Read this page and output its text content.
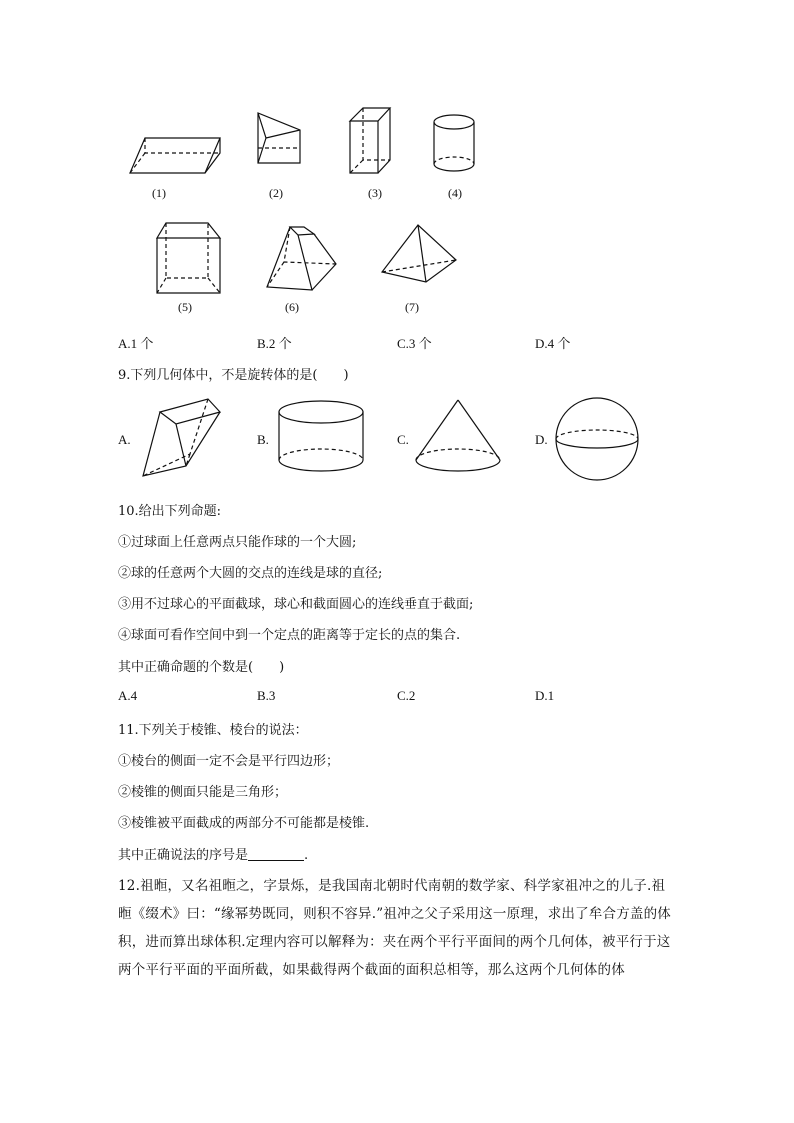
(1)	(2)	(3)	(4)
(5)	(6)	(7)
A.1 个	B.2 个	C.3 个	D.4 个
9.下列几何体中，不是旋转体的是(　　)
A.	B.	C.	D.
10.给出下列命题:
①过球面上任意两点只能作球的一个大圆;
②球的任意两个大圆的交点的连线是球的直径;
③用不过球心的平面截球，球心和截面圆心的连线垂直于截面;
④球面可看作空间中到一个定点的距离等于定长的点的集合.
其中正确命题的个数是(　　)
A.4	B.3	C.2	D.1
11.下列关于棱锥、棱台的说法：
①棱台的侧面一定不会是平行四边形；
②棱锥的侧面只能是三角形；
③棱锥被平面截成的两部分不可能都是棱锥.
其中正确说法的序号是	.
12.祖暅，又名祖暅之，字景烁，是我国南北朝时代南朝的数学家、科学家祖冲之的儿子.祖暅《缀术》曰：“缘幂势既同，则积不容异.”祖冲之父子采用这一原理，求出了牟合方盖的体积，进而算出球体积.定理内容可以解释为：夹在两个平行平面间的两个几何体，被平行于这两个平行平面的平面所截，如果截得两个截面的面积总相等，那么这两个几何体的体
